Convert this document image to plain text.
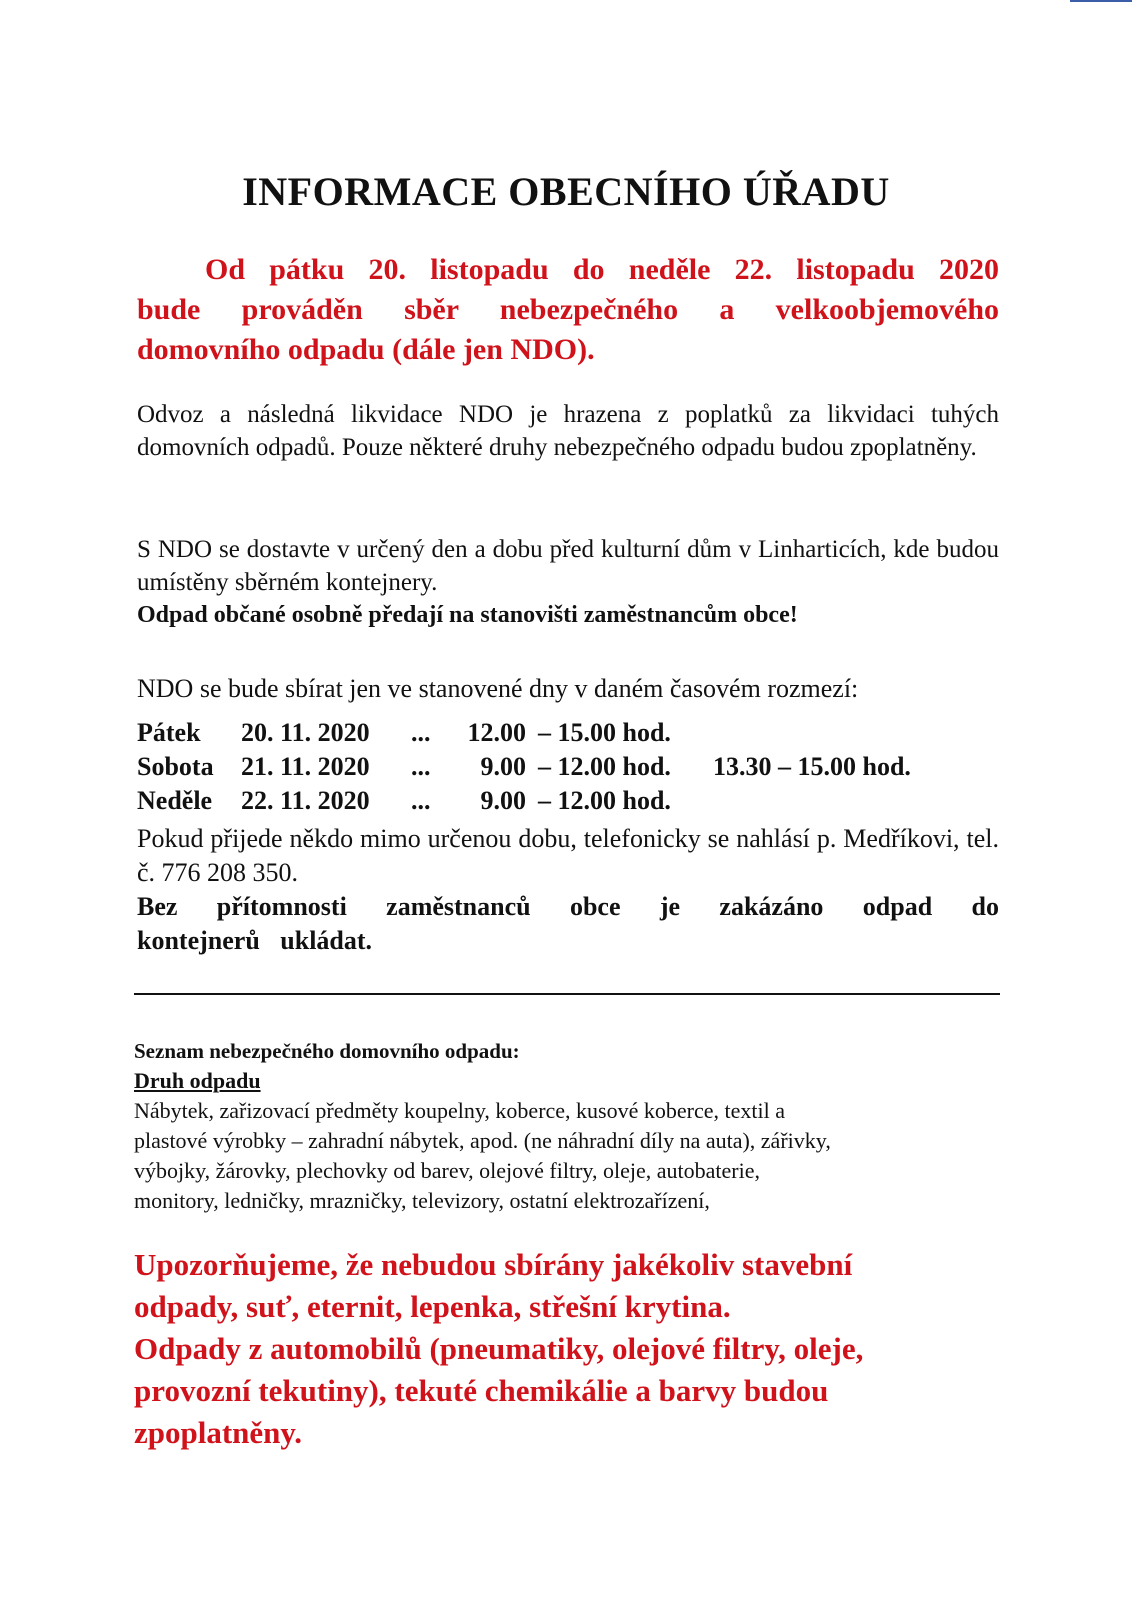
INFORMACE OBECNÍHO ÚŘADU
Od pátku 20. listopadu do neděle 22. listopadu 2020
bude prováděn sběr nebezpečného a velkoobjemového
domovního odpadu (dále jen NDO).

Odvoz a následná likvidace NDO je hrazena z poplatků za likvidaci tuhých domovních odpadů. Pouze některé druhy nebezpečného odpadu budou zpoplatněny.

S NDO se dostavte v určený den a dobu před kulturní dům v Linharticích, kde budou umístěny sběrném kontejnery.

Odpad občané osobně předají na stanovišti zaměstnancům obce!

NDO se bude sbírat jen ve stanovené dny v daném časovém rozmezí:

Pátek	20. 11. 2020	...	12.00 – 15.00 hod.
Sobota	21. 11. 2020	...	9.00 – 12.00 hod.	13.30 – 15.00 hod.
Neděle	22. 11. 2020	...	9.00 – 12.00 hod.

Pokud přijede někdo mimo určenou dobu, telefonicky se nahlásí p. Medříkovi, tel. č. 776 208 350.

Bez přítomnosti zaměstnanců obce je zakázáno odpad do kontejnerů ukládat.

Seznam nebezpečného domovního odpadu:
Druh odpadu
Nábytek, zařizovací předměty koupelny, koberce, kusové koberce, textil a
plastové výrobky – zahradní nábytek, apod. (ne náhradní díly na auta), zářivky,
výbojky, žárovky, plechovky od barev, olejové filtry, oleje, autobaterie,
monitory, ledničky, mrazničky, televizory, ostatní elektrozařízení,
Upozorňujeme, že nebudou sbírány jakékoliv stavební
odpady, suť, eternit, lepenka, střešní krytina.
Odpady z automobilů (pneumatiky, olejové filtry, oleje,
provozní tekutiny), tekuté chemikálie a barvy budou
zpoplatněny.
